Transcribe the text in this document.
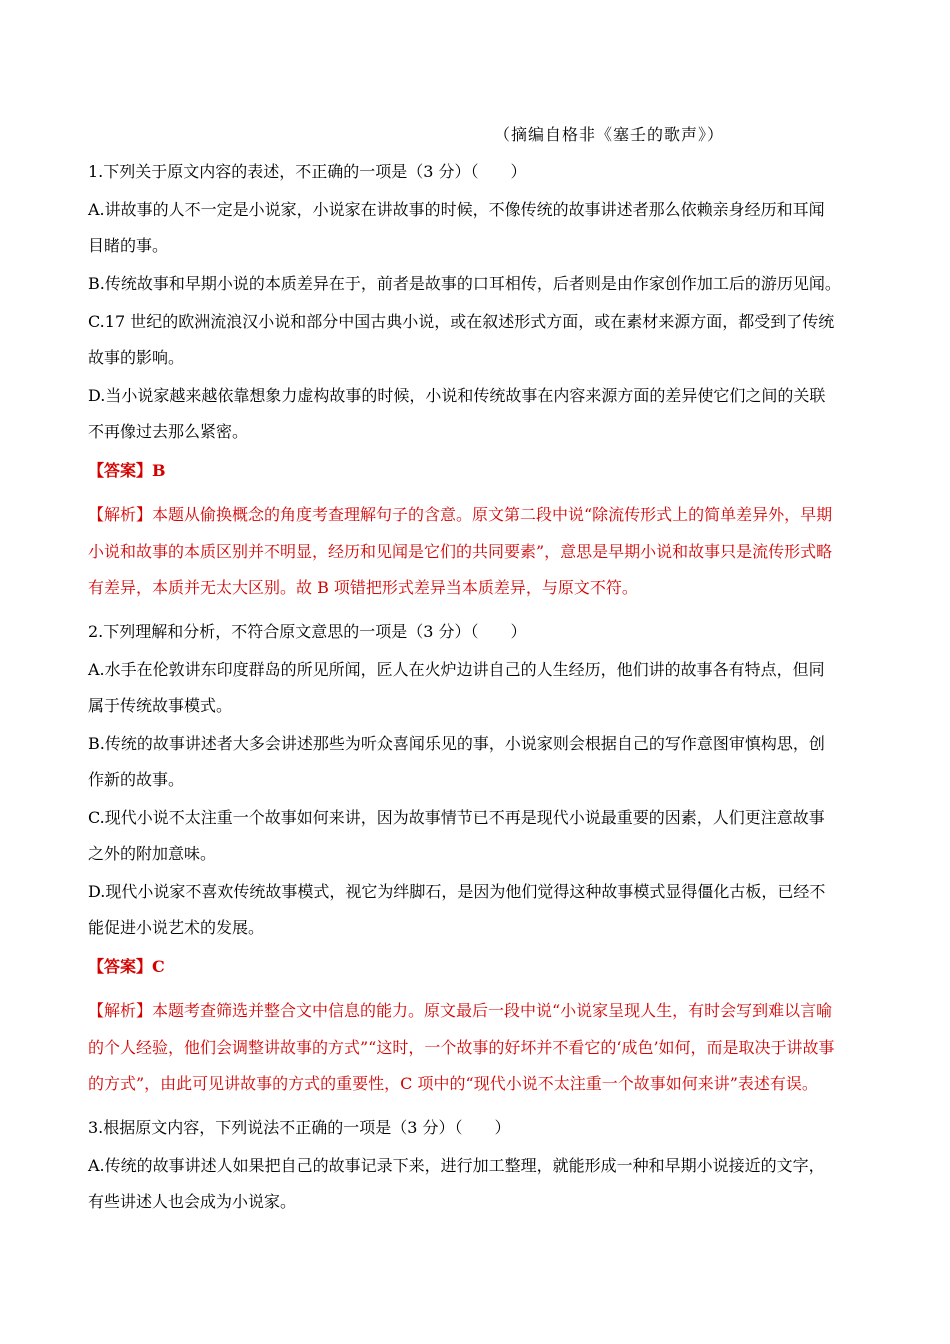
（摘编自格非《塞壬的歌声》）
1.下列关于原文内容的表述，不正确的一项是（3 分）（　　）
A.讲故事的人不一定是小说家，小说家在讲故事的时候，不像传统的故事讲述者那么依赖亲身经历和耳闻
目睹的事。
B.传统故事和早期小说的本质差异在于，前者是故事的口耳相传，后者则是由作家创作加工后的游历见闻。
C.17 世纪的欧洲流浪汉小说和部分中国古典小说，或在叙述形式方面，或在素材来源方面，都受到了传统
故事的影响。
D.当小说家越来越依靠想象力虚构故事的时候，小说和传统故事在内容来源方面的差异使它们之间的关联
不再像过去那么紧密。
【答案】B
【解析】本题从偷换概念的角度考查理解句子的含意。原文第二段中说“除流传形式上的简单差异外，早期
小说和故事的本质区别并不明显，经历和见闻是它们的共同要素”，意思是早期小说和故事只是流传形式略
有差异，本质并无太大区别。故 B 项错把形式差异当本质差异，与原文不符。
2.下列理解和分析，不符合原文意思的一项是（3 分）（　　）
A.水手在伦敦讲东印度群岛的所见所闻，匠人在火炉边讲自己的人生经历，他们讲的故事各有特点，但同
属于传统故事模式。
B.传统的故事讲述者大多会讲述那些为听众喜闻乐见的事，小说家则会根据自己的写作意图审慎构思，创
作新的故事。
C.现代小说不太注重一个故事如何来讲，因为故事情节已不再是现代小说最重要的因素，人们更注意故事
之外的附加意味。
D.现代小说家不喜欢传统故事模式，视它为绊脚石，是因为他们觉得这种故事模式显得僵化古板，已经不
能促进小说艺术的发展。
【答案】C
【解析】本题考查筛选并整合文中信息的能力。原文最后一段中说“小说家呈现人生，有时会写到难以言喻
的个人经验，他们会调整讲故事的方式”“这时，一个故事的好坏并不看它的‘成色’如何，而是取决于讲故事
的方式”，由此可见讲故事的方式的重要性，C 项中的“现代小说不太注重一个故事如何来讲”表述有误。
3.根据原文内容，下列说法不正确的一项是（3 分）（　　）
A.传统的故事讲述人如果把自己的故事记录下来，进行加工整理，就能形成一种和早期小说接近的文字，
有些讲述人也会成为小说家。
